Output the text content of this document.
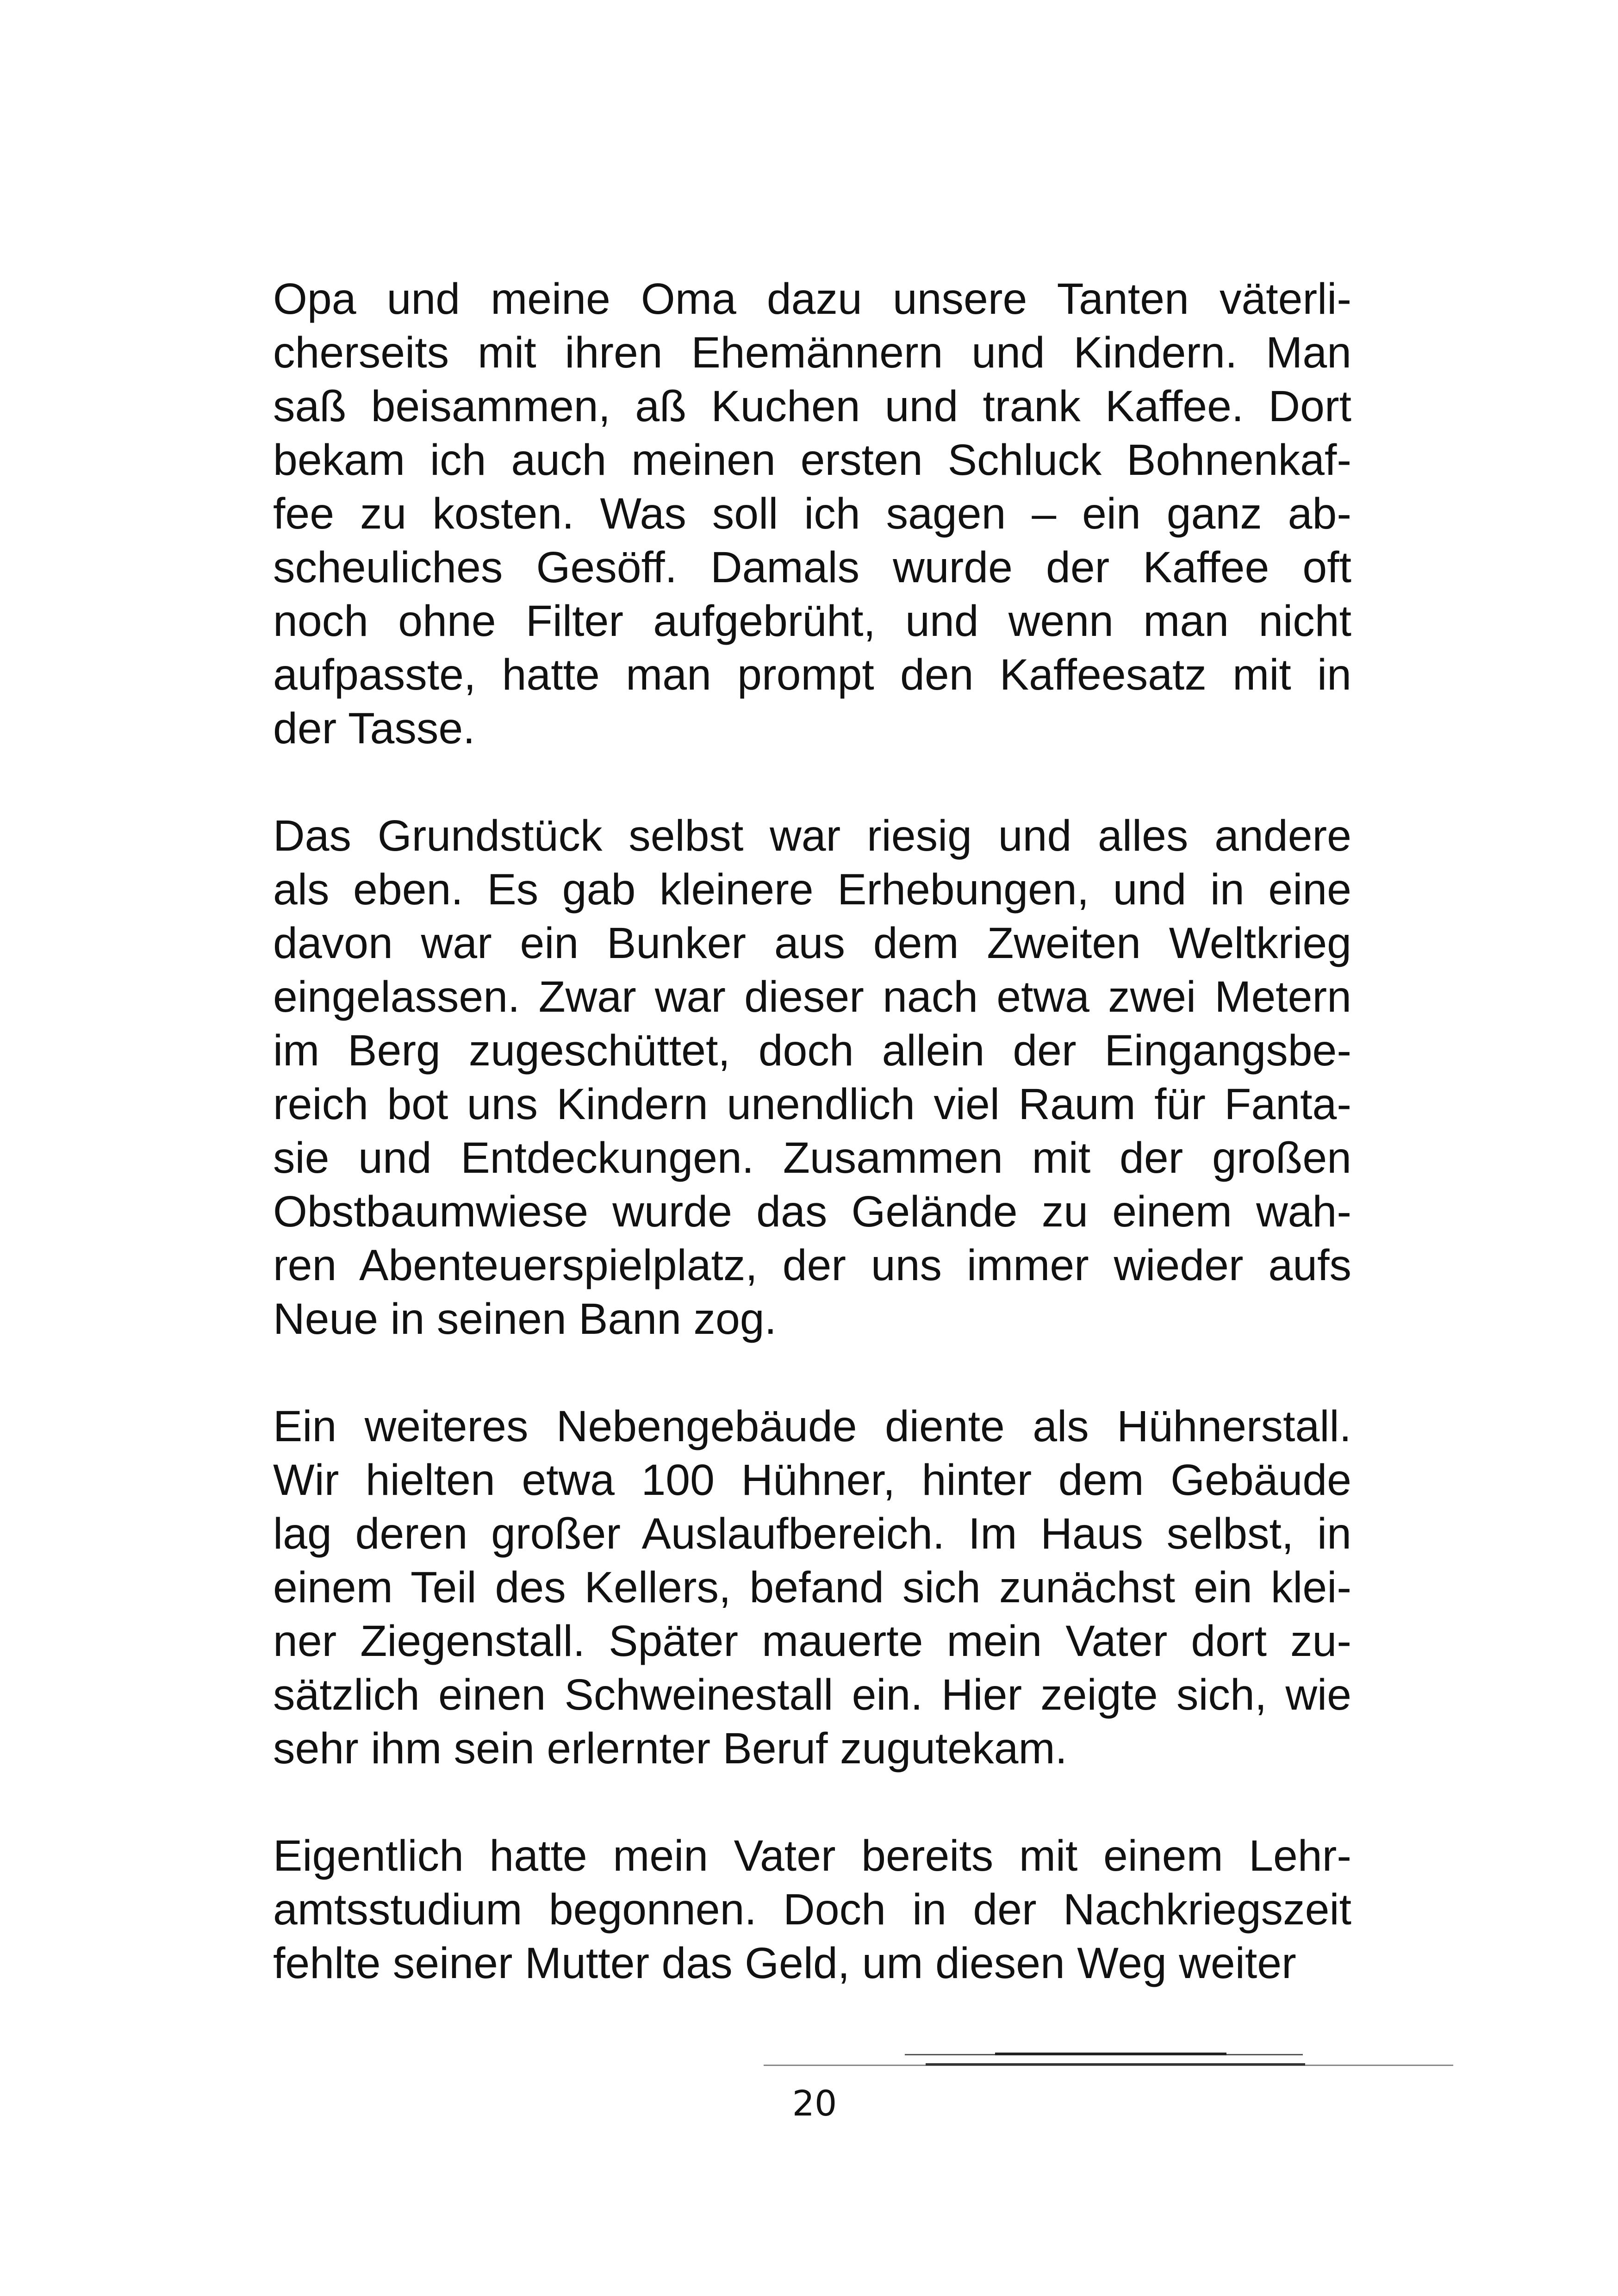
Opa und meine Oma dazu unsere Tanten väterli-
cherseits mit ihren Ehemännern und Kindern. Man
saß beisammen, aß Kuchen und trank Kaffee. Dort
bekam ich auch meinen ersten Schluck Bohnenkaf-
fee zu kosten. Was soll ich sagen – ein ganz ab-
scheuliches Gesöff. Damals wurde der Kaffee oft
noch ohne Filter aufgebrüht, und wenn man nicht
aufpasste, hatte man prompt den Kaffeesatz mit in
der Tasse.

Das Grundstück selbst war riesig und alles andere
als eben. Es gab kleinere Erhebungen, und in eine
davon war ein Bunker aus dem Zweiten Weltkrieg
eingelassen. Zwar war dieser nach etwa zwei Metern
im Berg zugeschüttet, doch allein der Eingangsbe-
reich bot uns Kindern unendlich viel Raum für Fanta-
sie und Entdeckungen. Zusammen mit der großen
Obstbaumwiese wurde das Gelände zu einem wah-
ren Abenteuerspielplatz, der uns immer wieder aufs
Neue in seinen Bann zog.

Ein weiteres Nebengebäude diente als Hühnerstall.
Wir hielten etwa 100 Hühner, hinter dem Gebäude
lag deren großer Auslaufbereich. Im Haus selbst, in
einem Teil des Kellers, befand sich zunächst ein klei-
ner Ziegenstall. Später mauerte mein Vater dort zu-
sätzlich einen Schweinestall ein. Hier zeigte sich, wie
sehr ihm sein erlernter Beruf zugutekam.

Eigentlich hatte mein Vater bereits mit einem Lehr-
amtsstudium begonnen. Doch in der Nachkriegszeit
fehlte seiner Mutter das Geld, um diesen Weg weiter

20
